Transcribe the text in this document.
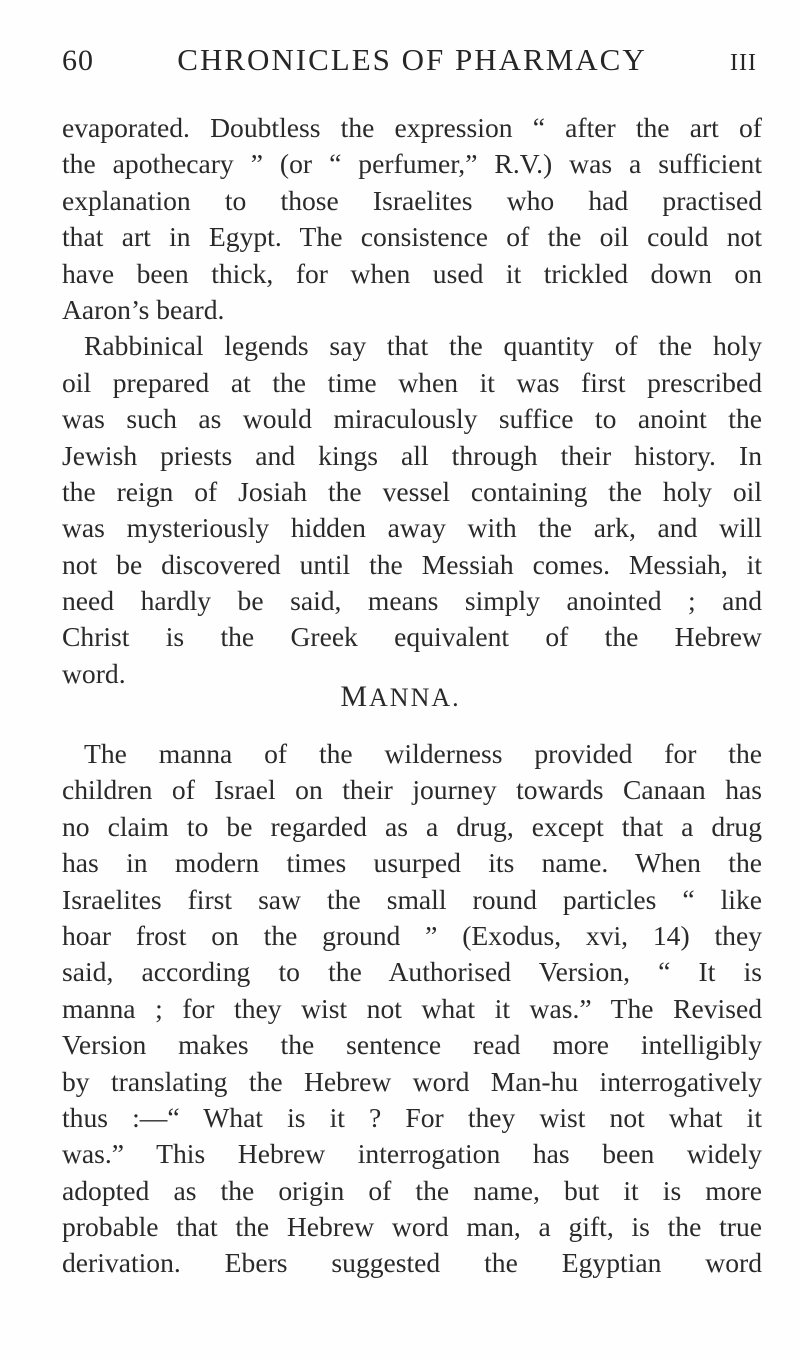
60	CHRONICLES OF PHARMACY	III
evaporated. Doubtless the expression “ after the art of
the apothecary ” (or “ perfumer,” R.V.) was a sufficient
explanation to those Israelites who had practised
that art in Egypt. The consistence of the oil could not
have been thick, for when used it trickled down on
Aaron’s beard.
Rabbinical legends say that the quantity of the holy
oil prepared at the time when it was first prescribed
was such as would miraculously suffice to anoint the
Jewish priests and kings all through their history. In
the reign of Josiah the vessel containing the holy oil
was mysteriously hidden away with the ark, and will
not be discovered until the Messiah comes. Messiah, it
need hardly be said, means simply anointed ; and
Christ is the Greek equivalent of the Hebrew
word.
MANNA.
The manna of the wilderness provided for the
children of Israel on their journey towards Canaan has
no claim to be regarded as a drug, except that a drug
has in modern times usurped its name. When the
Israelites first saw the small round particles “ like
hoar frost on the ground ” (Exodus, xvi, 14) they
said, according to the Authorised Version, “ It is
manna ; for they wist not what it was.” The Revised
Version makes the sentence read more intelligibly
by translating the Hebrew word Man-hu interrogatively
thus :—“ What is it ? For they wist not what it
was.” This Hebrew interrogation has been widely
adopted as the origin of the name, but it is more
probable that the Hebrew word man, a gift, is the true
derivation. Ebers suggested the Egyptian word
